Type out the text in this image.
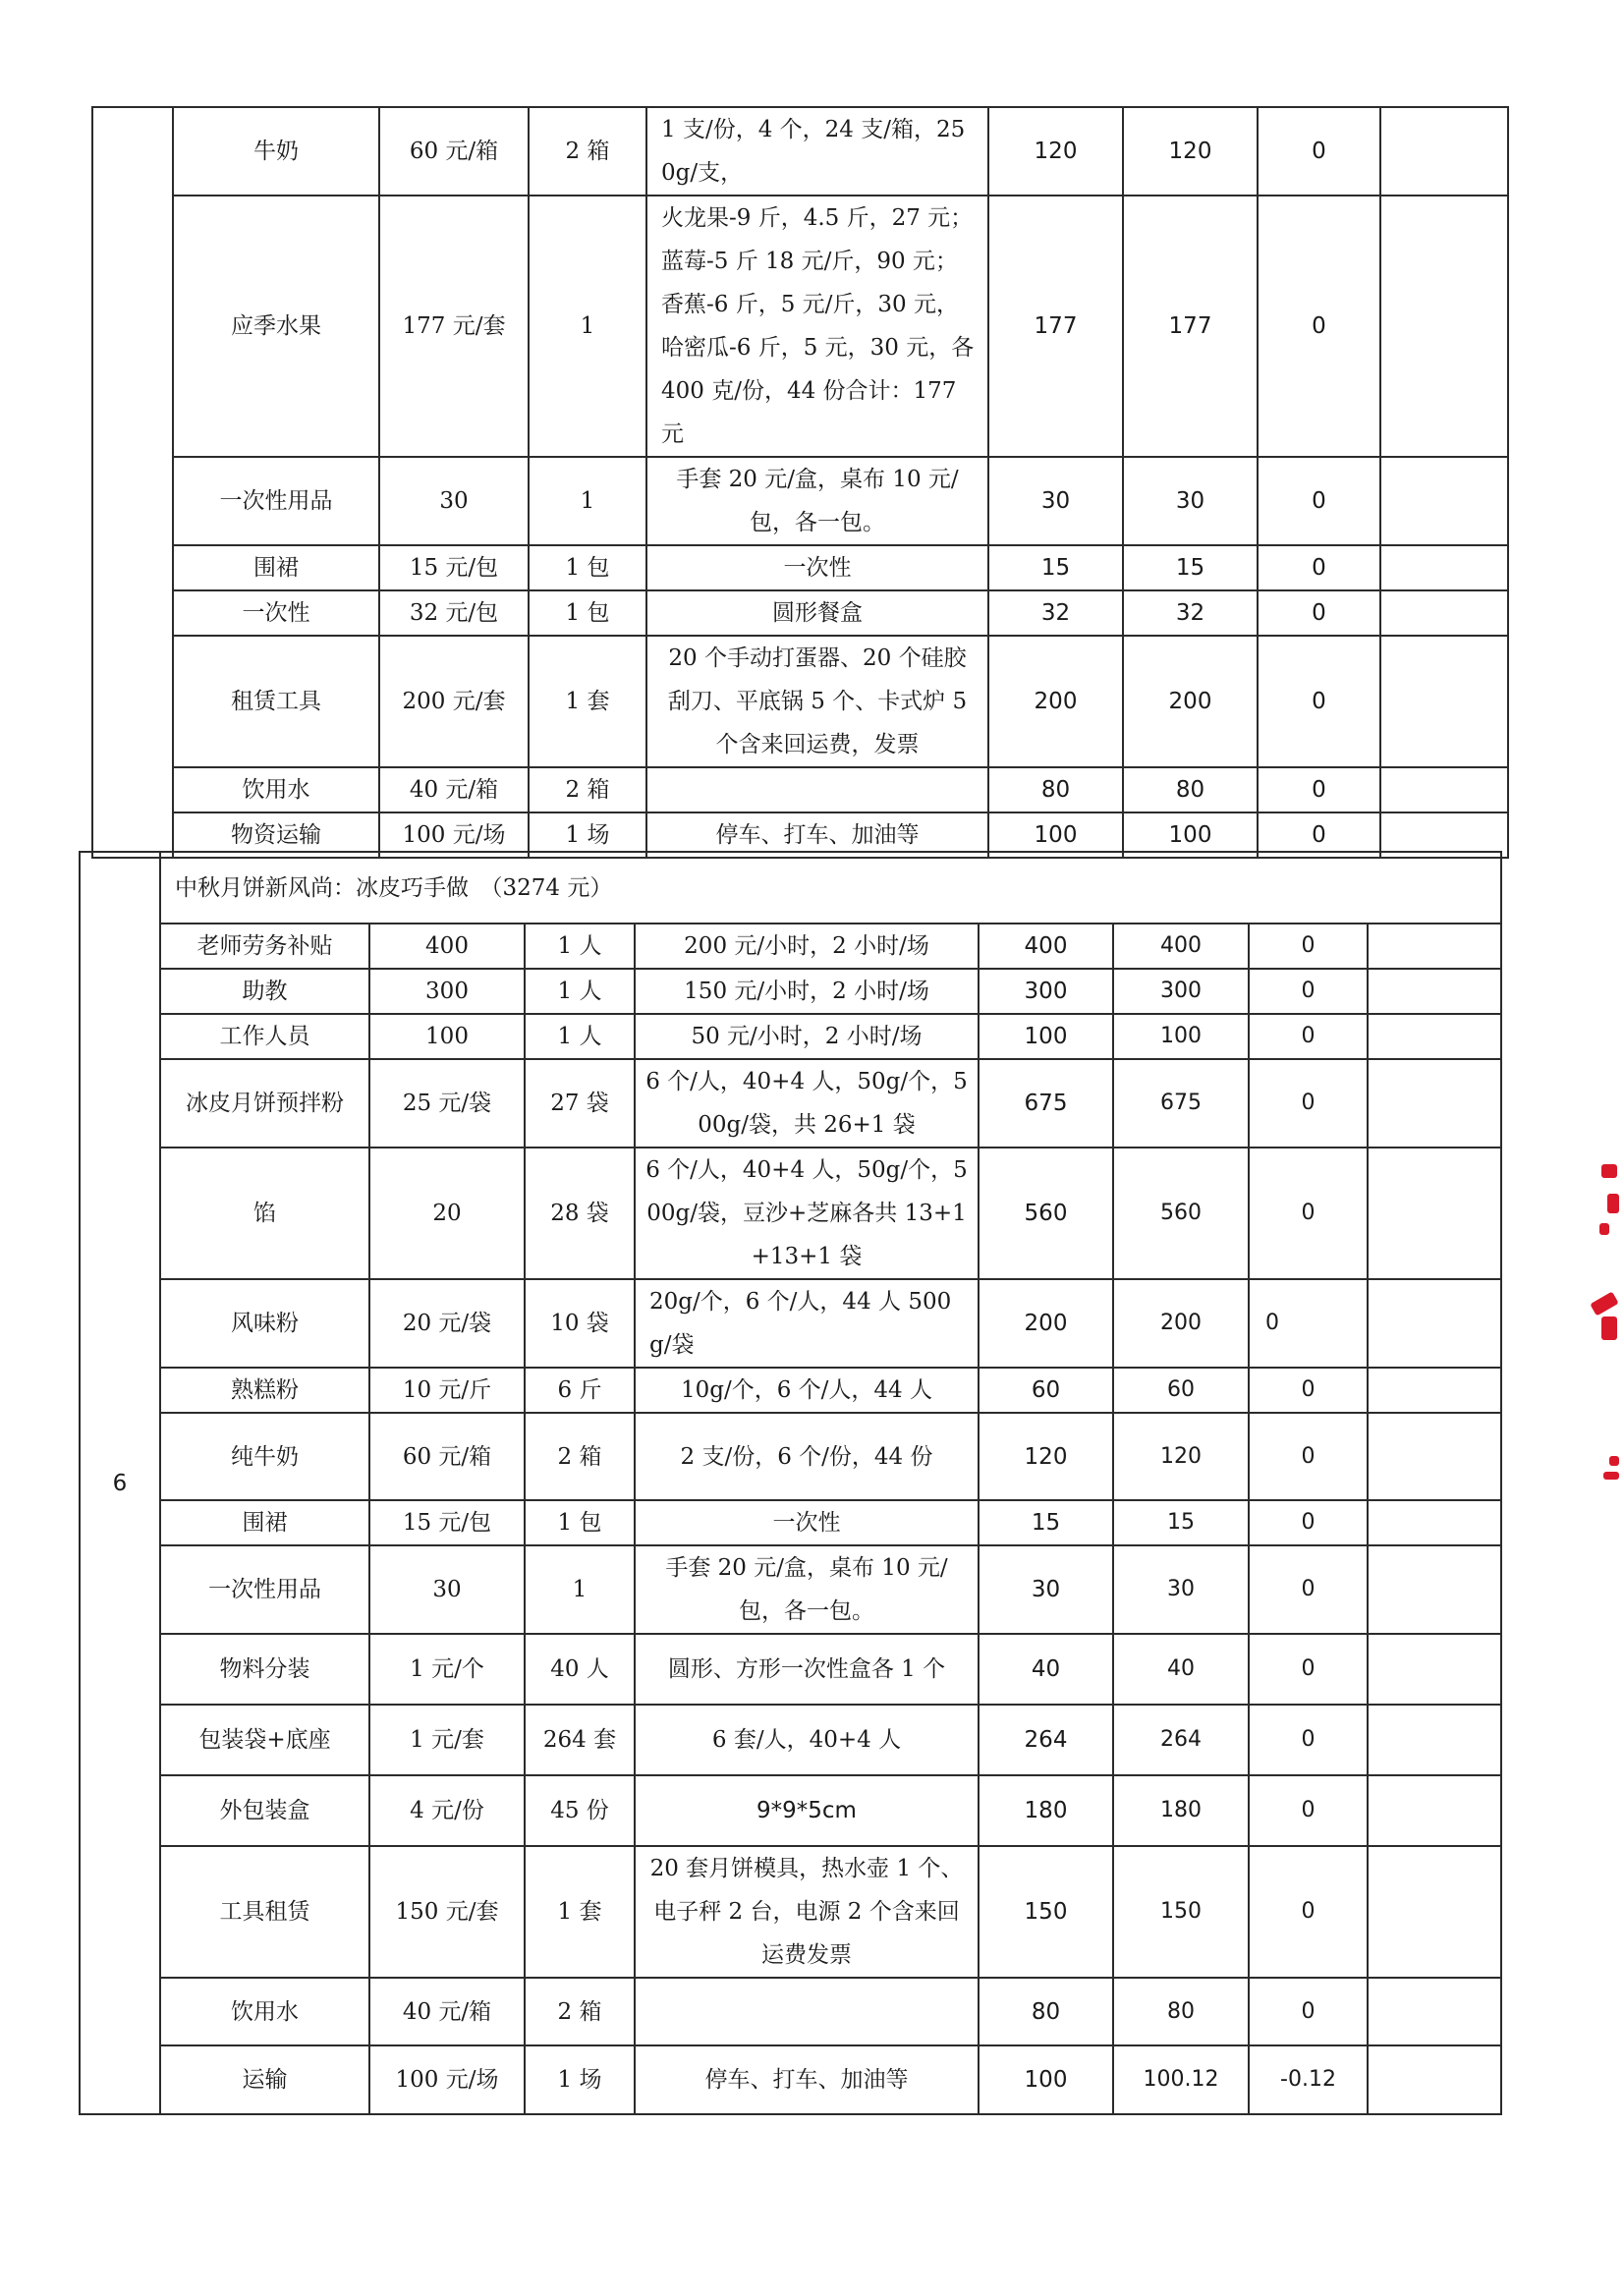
	牛奶	60 元/箱	2 箱	1 支/份，4 个，24 支/箱，250g/支，	120	120	0	
	应季水果	177 元/套	1	火龙果-9 斤，4.5 斤，27 元；蓝莓-5 斤 18 元/斤，90 元；香蕉-6 斤，5 元/斤，30 元，哈密瓜-6 斤，5 元，30 元，各 400 克/份，44 份合计：177 元	177	177	0	
	一次性用品	30	1	手套 20 元/盒，桌布 10 元/包，各一包。	30	30	0	
	围裙	15 元/包	1 包	一次性	15	15	0	
	一次性	32 元/包	1 包	圆形餐盒	32	32	0	
	租赁工具	200 元/套	1 套	20 个手动打蛋器、20 个硅胶刮刀、平底锅 5 个、卡式炉 5 个含来回运费，发票	200	200	0	
	饮用水	40 元/箱	2 箱		80	80	0	
	物资运输	100 元/场	1 场	停车、打车、加油等	100	100	0	
6	中秋月饼新风尚：冰皮巧手做　（3274 元）							
	老师劳务补贴	400	1 人	200 元/小时，2 小时/场	400	400	0	
	助教	300	1 人	150 元/小时，2 小时/场	300	300	0	
	工作人员	100	1 人	50 元/小时，2 小时/场	100	100	0	
	冰皮月饼预拌粉	25 元/袋	27 袋	6 个/人，40+4 人，50g/个，500g/袋，共 26+1 袋	675	675	0	
	馅	20	28 袋	6 个/人，40+4 人，50g/个，500g/袋，豆沙+芝麻各共 13+1+13+1 袋	560	560	0	
	风味粉	20 元/袋	10 袋	20g/个，6 个/人，44 人 500g/袋	200	200	0	
	熟糕粉	10 元/斤	6 斤	10g/个，6 个/人，44 人	60	60	0	
	纯牛奶	60 元/箱	2 箱	2 支/份，6 个/份，44 份	120	120	0	
	围裙	15 元/包	1 包	一次性	15	15	0	
	一次性用品	30	1	手套 20 元/盒，桌布 10 元/包，各一包。	30	30	0	
	物料分装	1 元/个	40 人	圆形、方形一次性盒各 1 个	40	40	0	
	包装袋+底座	1 元/套	264 套	6 套/人，40+4 人	264	264	0	
	外包装盒	4 元/份	45 份	9*9*5cm	180	180	0	
	工具租赁	150 元/套	1 套	20 套月饼模具，热水壶 1 个、电子秤 2 台，电源 2 个含来回运费发票	150	150	0	
	饮用水	40 元/箱	2 箱		80	80	0	
	运输	100 元/场	1 场	停车、打车、加油等	100	100.12	-0.12	
